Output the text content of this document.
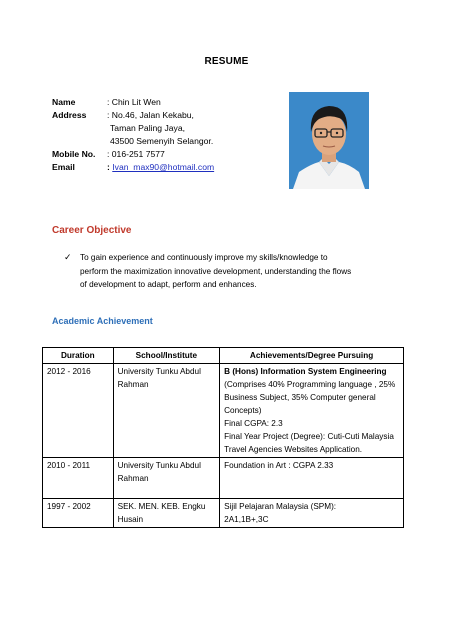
RESUME
Name	: Chin Lit Wen
Address	: No.46, Jalan Kekabu,
Taman Paling Jaya,
43500 Semenyih Selangor.
Mobile No.	: 016-251 7577
Email	: Ivan_max90@hotmail.com
Career Objective
✓	To gain experience and continuously improve my skills/knowledge to perform the maximization innovative development, understanding the flows of development to adapt, perform and enhances.
Academic Achievement
Duration	School/Institute	Achievements/Degree Pursuing
2012 - 2016	University Tunku Abdul Rahman	B (Hons) Information System Engineering
(Comprises 40% Programming language , 25% Business Subject, 35% Computer general Concepts)
Final CGPA: 2.3
Final Year Project (Degree): Cuti-Cuti Malaysia Travel Agencies Websites Application.

2010 - 2011	University Tunku Abdul Rahman	Foundation in Art : CGPA 2.33

1997 - 2002	SEK. MEN. KEB. Engku Husain	Sijil Pelajaran Malaysia (SPM):
2A1,1B+,3C
